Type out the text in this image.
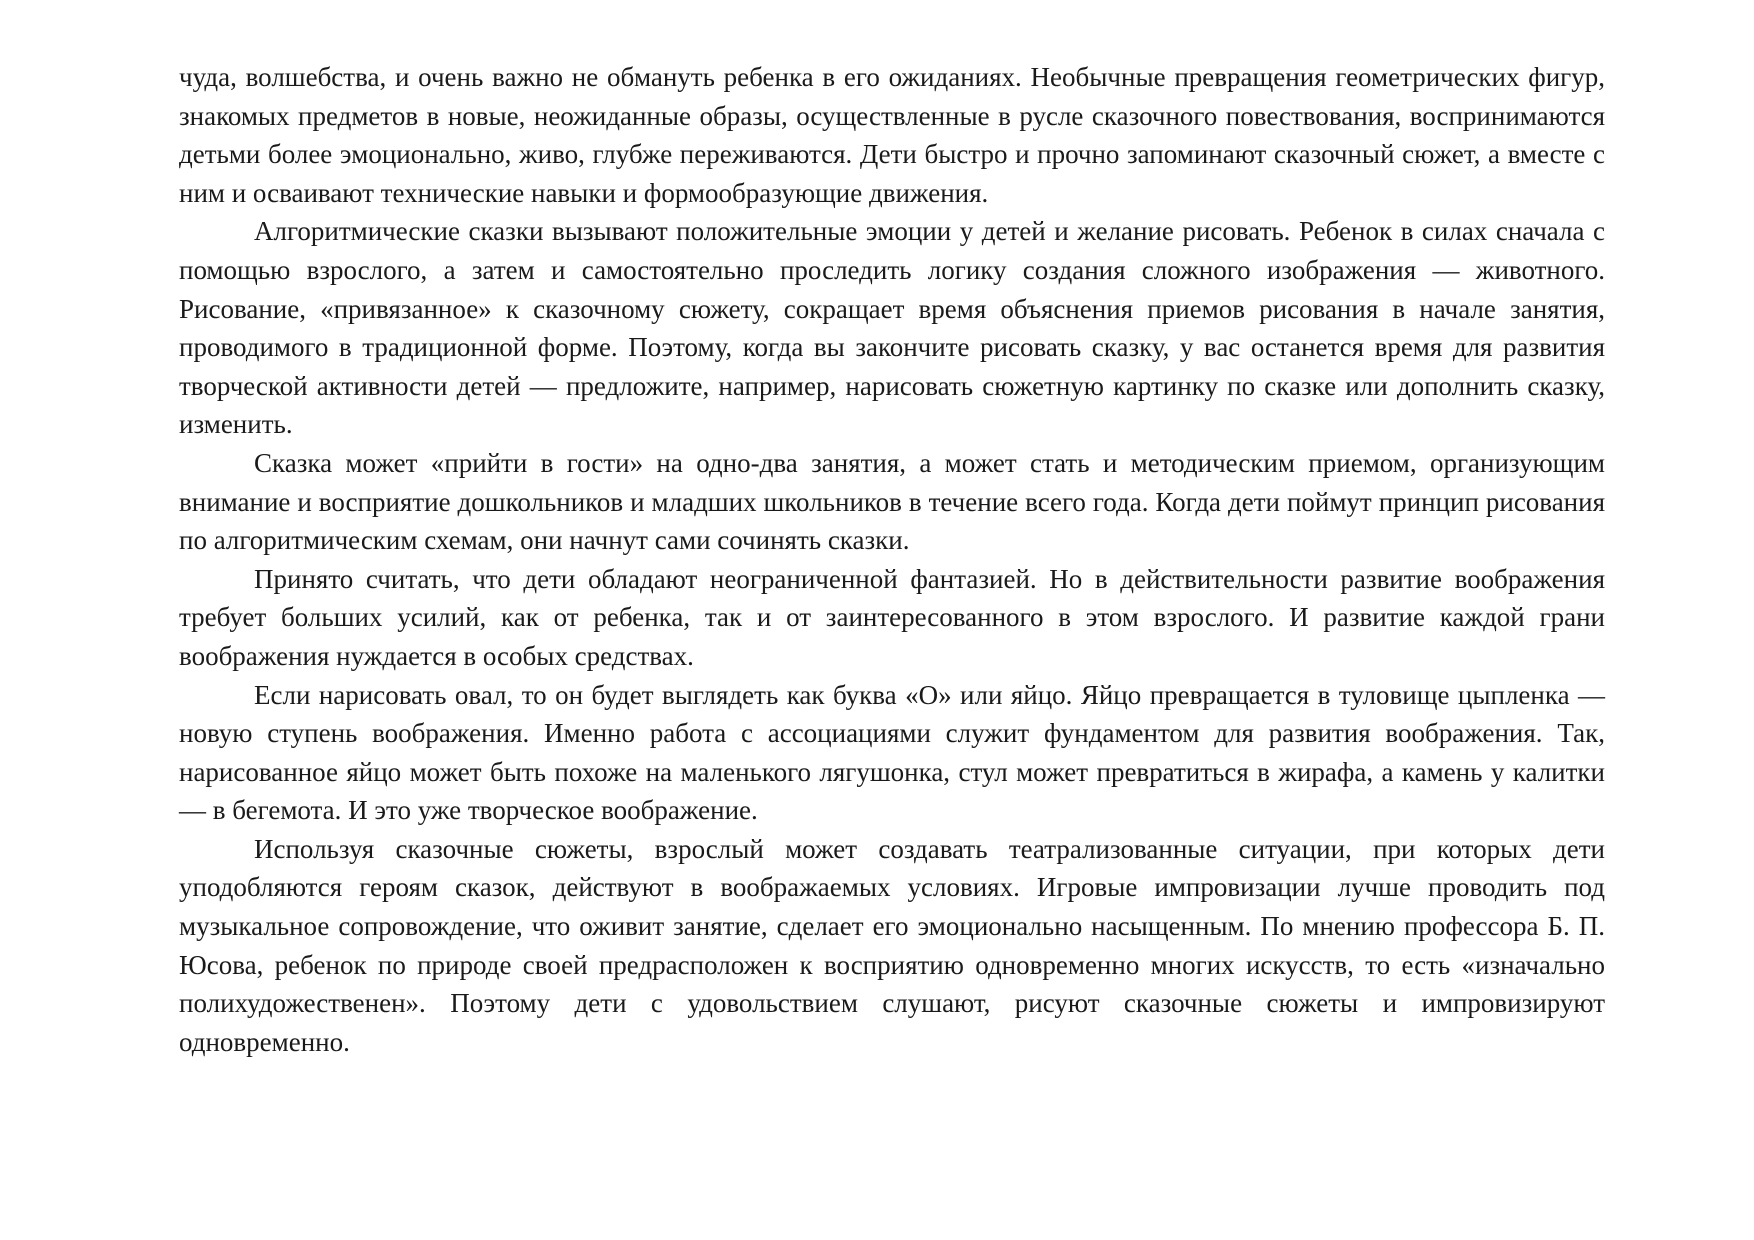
чуда, волшебства, и очень важно не обмануть ребенка в его ожиданиях. Необычные превращения геометрических фигур, знакомых предметов в новые, неожиданные образы, осуществленные в русле сказочного повествования, воспринимаются детьми более эмоционально, живо, глубже переживаются. Дети быстро и прочно запоминают сказочный сюжет, а вместе с ним и осваивают технические навыки и формообразующие движения.

Алгоритмические сказки вызывают положительные эмоции у детей и желание рисовать. Ребенок в силах сначала с помощью взрослого, а затем и самостоятельно проследить логику создания сложного изображения — животного. Рисование, «привязанное» к сказочному сюжету, сокращает время объяснения приемов рисования в начале занятия, проводимого в традиционной форме. Поэтому, когда вы закончите рисовать сказку, у вас останется время для развития творческой активности детей — предложите, например, нарисовать сюжетную картинку по сказке или дополнить сказку, изменить.

Сказка может «прийти в гости» на одно-два занятия, а может стать и методическим приемом, организующим внимание и восприятие дошкольников и младших школьников в течение всего года. Когда дети поймут принцип рисования по алгоритмическим схемам, они начнут сами сочинять сказки.

Принято считать, что дети обладают неограниченной фантазией. Но в действительности развитие воображения требует больших усилий, как от ребенка, так и от заинтересованного в этом взрослого. И развитие каждой грани воображения нуждается в особых средствах.

Если нарисовать овал, то он будет выглядеть как буква «О» или яйцо. Яйцо превращается в туловище цыпленка — новую ступень воображения. Именно работа с ассоциациями служит фундаментом для развития воображения. Так, нарисованное яйцо может быть похоже на маленького лягушонка, стул может превратиться в жирафа, а камень у калитки — в бегемота. И это уже творческое воображение.

Используя сказочные сюжеты, взрослый может создавать театрализованные ситуации, при которых дети уподобляются героям сказок, действуют в воображаемых условиях. Игровые импровизации лучше проводить под музыкальное сопровождение, что оживит занятие, сделает его эмоционально насыщенным. По мнению профессора Б. П. Юсова, ребенок по природе своей предрасположен к восприятию одновременно многих искусств, то есть «изначально полихудожественен». Поэтому дети с удовольствием слушают, рисуют сказочные сюжеты и импровизируют одновременно.
